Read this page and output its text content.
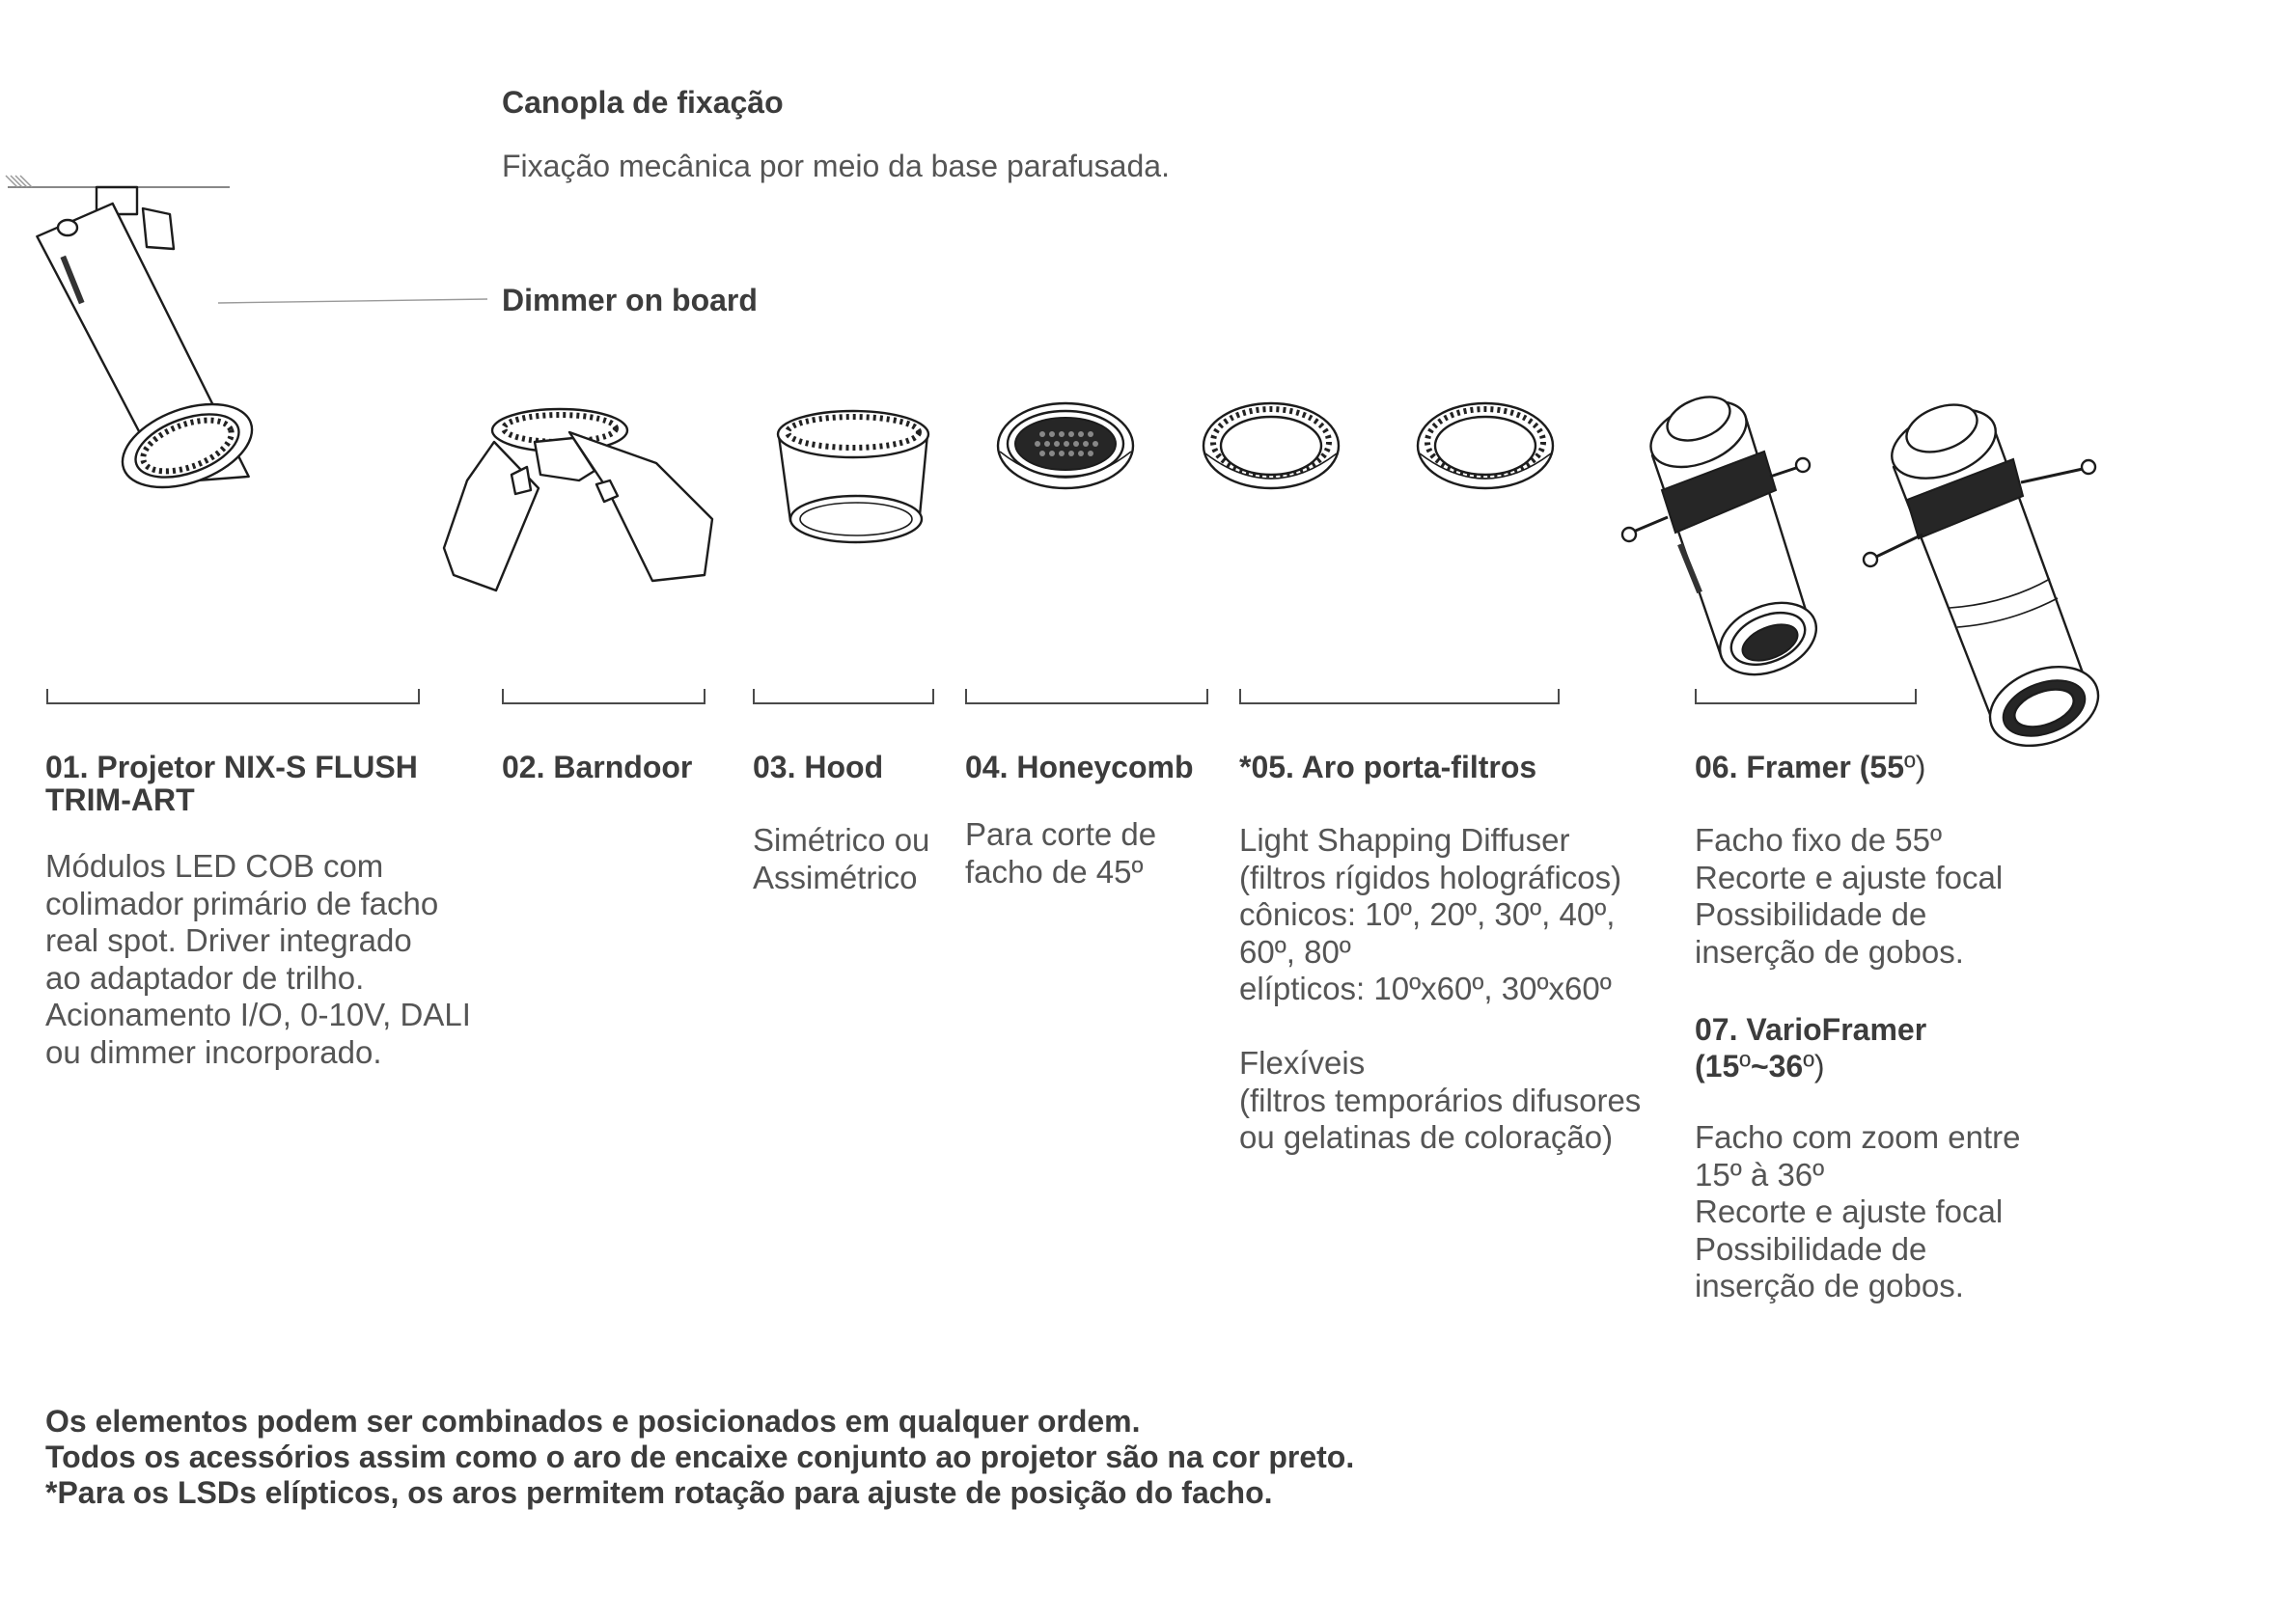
Canopla de fixação
Fixação mecânica por meio da base parafusada.
Dimmer on board
01. Projetor NIX-S FLUSH
TRIM-ART
Módulos LED COB com
colimador primário de facho
real spot. Driver integrado
ao adaptador de trilho.
Acionamento I/O, 0-10V, DALI
ou dimmer incorporado.
02. Barndoor 03. Hood
Simétrico ou
Assimétrico
04. Honeycomb
Para corte de
facho de 45º
*05. Aro porta-filtros
Light Shapping Diffuser
(filtros rígidos holográficos)
cônicos: 10º, 20º, 30º, 40º,
60º, 80º
elípticos: 10ºx60º, 30ºx60º
Flexíveis
(filtros temporários difusores
ou gelatinas de coloração)
06. Framer (55º)
Facho fixo de 55º
Recorte e ajuste focal
Possibilidade de
inserção de gobos.
07. VarioFramer
(15º~36º)
Facho com zoom entre
15º à 36º
Recorte e ajuste focal
Possibilidade de
inserção de gobos.
Os elementos podem ser combinados e posicionados em qualquer ordem.
Todos os acessórios assim como o aro de encaixe conjunto ao projetor são na cor preto.
*Para os LSDs elípticos, os aros permitem rotação para ajuste de posição do facho.
